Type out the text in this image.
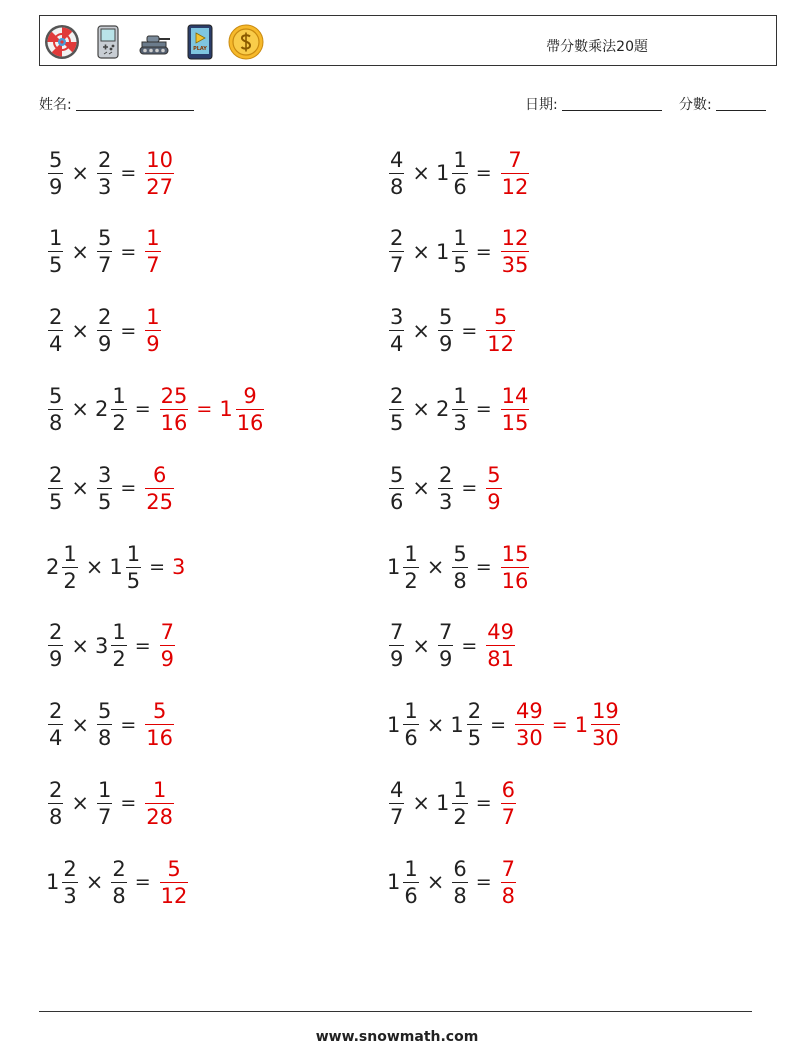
PLAY	帶分數乘法20題
姓名:	日期:	分數:
$\frac{5}{9} \times \frac{2}{3} = \frac{10}{27}$	$\frac{4}{8} \times 1 \frac{1}{6} = \frac{7}{12}$
$\frac{1}{5} \times \frac{5}{7} = \frac{1}{7}$	$\frac{2}{7} \times 1 \frac{1}{5} = \frac{12}{35}$
$\frac{2}{4} \times \frac{2}{9} = \frac{1}{9}$	$\frac{3}{4} \times \frac{5}{9} = \frac{5}{12}$
$\frac{5}{8} \times 2 \frac{1}{2} = \frac{25}{16} = 1 \frac{9}{16}$	$\frac{2}{5} \times 2 \frac{1}{3} = \frac{14}{15}$
$\frac{2}{5} \times \frac{3}{5} = \frac{6}{25}$	$\frac{5}{6} \times \frac{2}{3} = \frac{5}{9}$
$2 \frac{1}{2} \times 1 \frac{1}{5} = 3$	$1 \frac{1}{2} \times \frac{5}{8} = \frac{15}{16}$
$\frac{2}{9} \times 3 \frac{1}{2} = \frac{7}{9}$	$\frac{7}{9} \times \frac{7}{9} = \frac{49}{81}$
$\frac{2}{4} \times \frac{5}{8} = \frac{5}{16}$	$1 \frac{1}{6} \times 1 \frac{2}{5} = \frac{49}{30} = 1 \frac{19}{30}$
$\frac{2}{8} \times \frac{1}{7} = \frac{1}{28}$	$\frac{4}{7} \times 1 \frac{1}{2} = \frac{6}{7}$
$1 \frac{2}{3} \times \frac{2}{8} = \frac{5}{12}$	$1 \frac{1}{6} \times \frac{6}{8} = \frac{7}{8}$
www.snowmath.com
